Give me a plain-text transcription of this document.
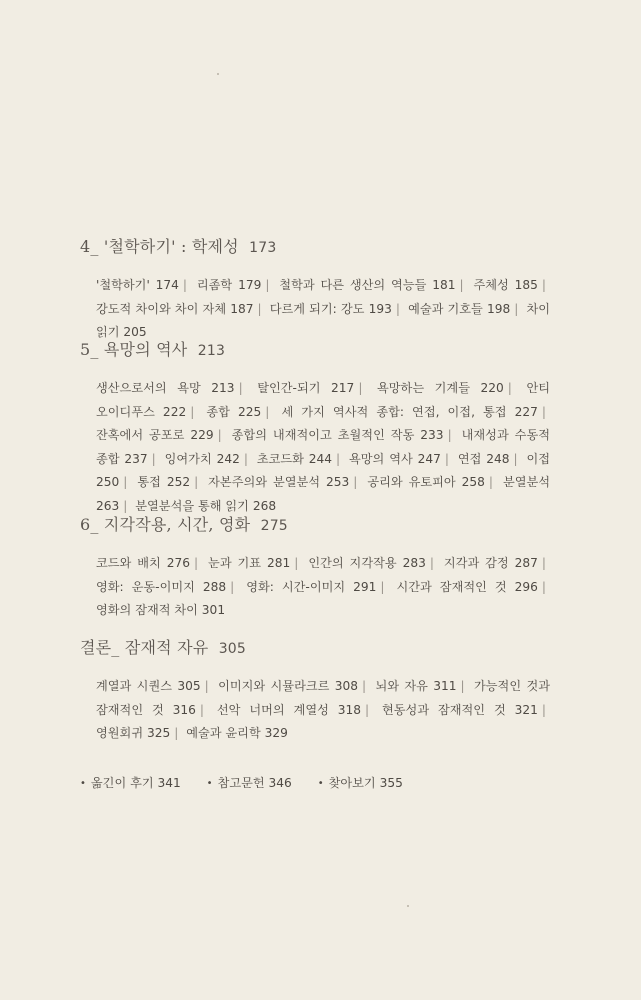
4_ '철학하기' : 학제성 173

'철학하기' 174 | 리좀학 179 | 철학과 다른 생산의 역능들 181 | 주체성 185 | 강도적 차이와 차이 자체 187 | 다르게 되기: 강도 193 | 예술과 기호들 198 | 차이 읽기 205

5_ 욕망의 역사 213

생산으로서의 욕망 213 | 탈인간-되기 217 | 욕망하는 기계들 220 | 안티 오이디푸스 222 | 종합 225 | 세 가지 역사적 종합: 연접, 이접, 통접 227 | 잔혹에서 공포로 229 | 종합의 내재적이고 초월적인 작동 233 | 내재성과 수동적 종합 237 | 잉여가치 242 | 초코드화 244 | 욕망의 역사 247 | 연접 248 | 이접 250 | 통접 252 | 자본주의와 분열분석 253 | 공리와 유토피아 258 | 분열분석 263 | 분열분석을 통해 읽기 268

6_ 지각작용, 시간, 영화 275

코드와 배치 276 | 눈과 기표 281 | 인간의 지각작용 283 | 지각과 감정 287 | 영화: 운동-이미지 288 | 영화: 시간-이미지 291 | 시간과 잠재적인 것 296 | 영화의 잠재적 차이 301

결론_ 잠재적 자유 305

계열과 시퀀스 305 | 이미지와 시뮬라크르 308 | 뇌와 자유 311 | 가능적인 것과 잠재적인 것 316 | 선악 너머의 계열성 318 | 현동성과 잠재적인 것 321 | 영원회귀 325 | 예술과 윤리학 329

• 옮긴이 후기 341	• 참고문헌 346	• 찾아보기 355
